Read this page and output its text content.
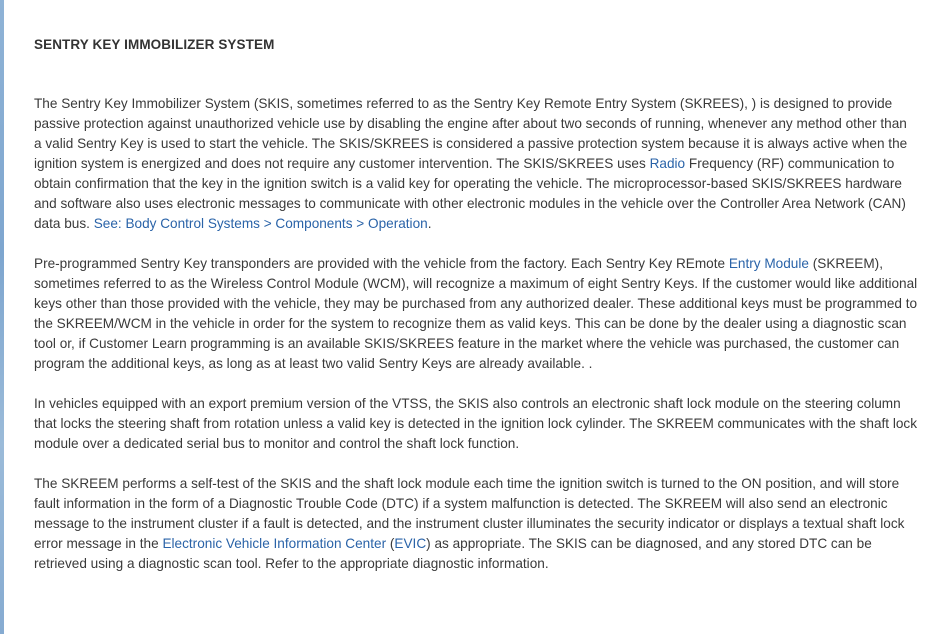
SENTRY KEY IMMOBILIZER SYSTEM

The Sentry Key Immobilizer System (SKIS, sometimes referred to as the Sentry Key Remote Entry System (SKREES), ) is designed to provide passive protection against unauthorized vehicle use by disabling the engine after about two seconds of running, whenever any method other than a valid Sentry Key is used to start the vehicle. The SKIS/SKREES is considered a passive protection system because it is always active when the ignition system is energized and does not require any customer intervention. The SKIS/SKREES uses Radio Frequency (RF) communication to obtain confirmation that the key in the ignition switch is a valid key for operating the vehicle. The microprocessor-based SKIS/SKREES hardware and software also uses electronic messages to communicate with other electronic modules in the vehicle over the Controller Area Network (CAN) data bus. See: Body Control Systems > Components > Operation.

Pre-programmed Sentry Key transponders are provided with the vehicle from the factory. Each Sentry Key REmote Entry Module (SKREEM), sometimes referred to as the Wireless Control Module (WCM), will recognize a maximum of eight Sentry Keys. If the customer would like additional keys other than those provided with the vehicle, they may be purchased from any authorized dealer. These additional keys must be programmed to the SKREEM/WCM in the vehicle in order for the system to recognize them as valid keys. This can be done by the dealer using a diagnostic scan tool or, if Customer Learn programming is an available SKIS/SKREES feature in the market where the vehicle was purchased, the customer can program the additional keys, as long as at least two valid Sentry Keys are already available. .

In vehicles equipped with an export premium version of the VTSS, the SKIS also controls an electronic shaft lock module on the steering column that locks the steering shaft from rotation unless a valid key is detected in the ignition lock cylinder. The SKREEM communicates with the shaft lock module over a dedicated serial bus to monitor and control the shaft lock function.

The SKREEM performs a self-test of the SKIS and the shaft lock module each time the ignition switch is turned to the ON position, and will store fault information in the form of a Diagnostic Trouble Code (DTC) if a system malfunction is detected. The SKREEM will also send an electronic message to the instrument cluster if a fault is detected, and the instrument cluster illuminates the security indicator or displays a textual shaft lock error message in the Electronic Vehicle Information Center (EVIC) as appropriate. The SKIS can be diagnosed, and any stored DTC can be retrieved using a diagnostic scan tool. Refer to the appropriate diagnostic information.
